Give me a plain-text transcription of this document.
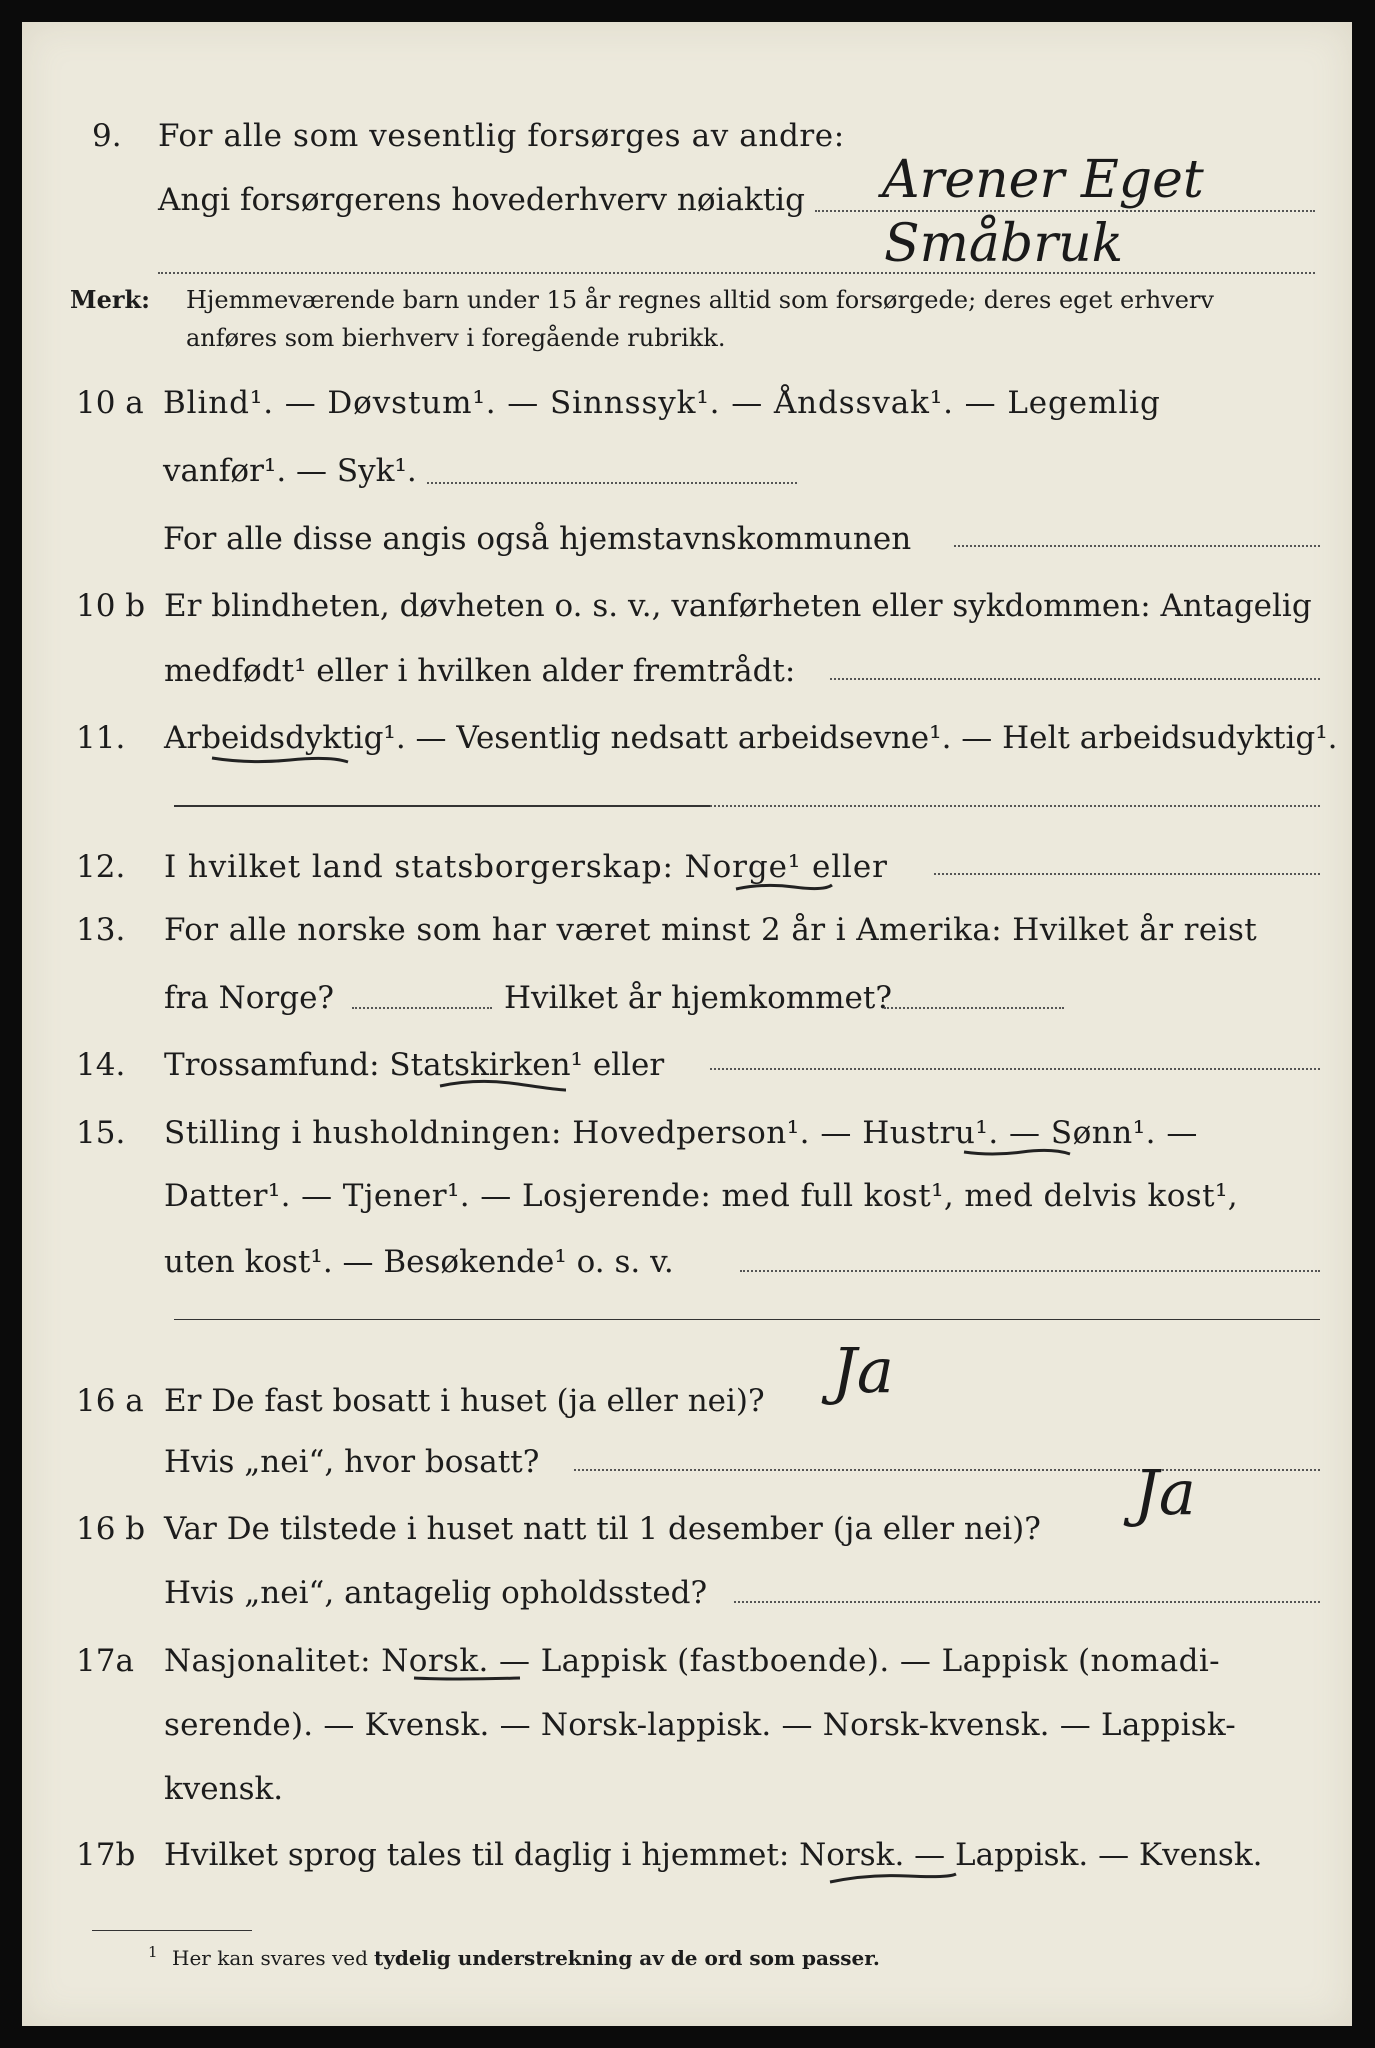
9. For alle som vesentlig forsørges av andre:
Angi forsørgerens hovederhverv nøiaktig Arener Eget
Småbruk
Merk: Hjemmeværende barn under 15 år regnes alltid som forsørgede; deres eget erhverv
anføres som bierhverv i foregående rubrikk.
10 a Blind¹. — Døvstum¹. — Sinnssyk¹. — Åndssvak¹. — Legemlig
vanfør¹. — Syk¹.
For alle disse angis også hjemstavnskommunen
10 b Er blindheten, døvheten o. s. v., vanførheten eller sykdommen: Antagelig
medfødt¹ eller i hvilken alder fremtrådt:
11. Arbeidsdyktig¹. — Vesentlig nedsatt arbeidsevne¹. — Helt arbeidsudyktig¹.
12. I hvilket land statsborgerskap: Norge¹ eller
13. For alle norske som har været minst 2 år i Amerika: Hvilket år reist
fra Norge?	Hvilket år hjemkommet?
14. Trossamfund: Statskirken¹ eller
15. Stilling i husholdningen: Hovedperson¹. — Hustru¹. — Sønn¹. —
Datter¹. — Tjener¹. — Losjerende: med full kost¹, med delvis kost¹,
uten kost¹. — Besøkende¹ o. s. v.
16 a Er De fast bosatt i huset (ja eller nei)? Ja
Hvis „nei“, hvor bosatt?
16 b Var De tilstede i huset natt til 1 desember (ja eller nei)? Ja
Hvis „nei“, antagelig opholdssted?
17a Nasjonalitet: Norsk. — Lappisk (fastboende). — Lappisk (nomadi-
serende). — Kvensk. — Norsk-lappisk. — Norsk-kvensk. — Lappisk-
kvensk.
17b Hvilket sprog tales til daglig i hjemmet: Norsk. — Lappisk. — Kvensk.
1 Her kan svares ved tydelig understrekning av de ord som passer.
